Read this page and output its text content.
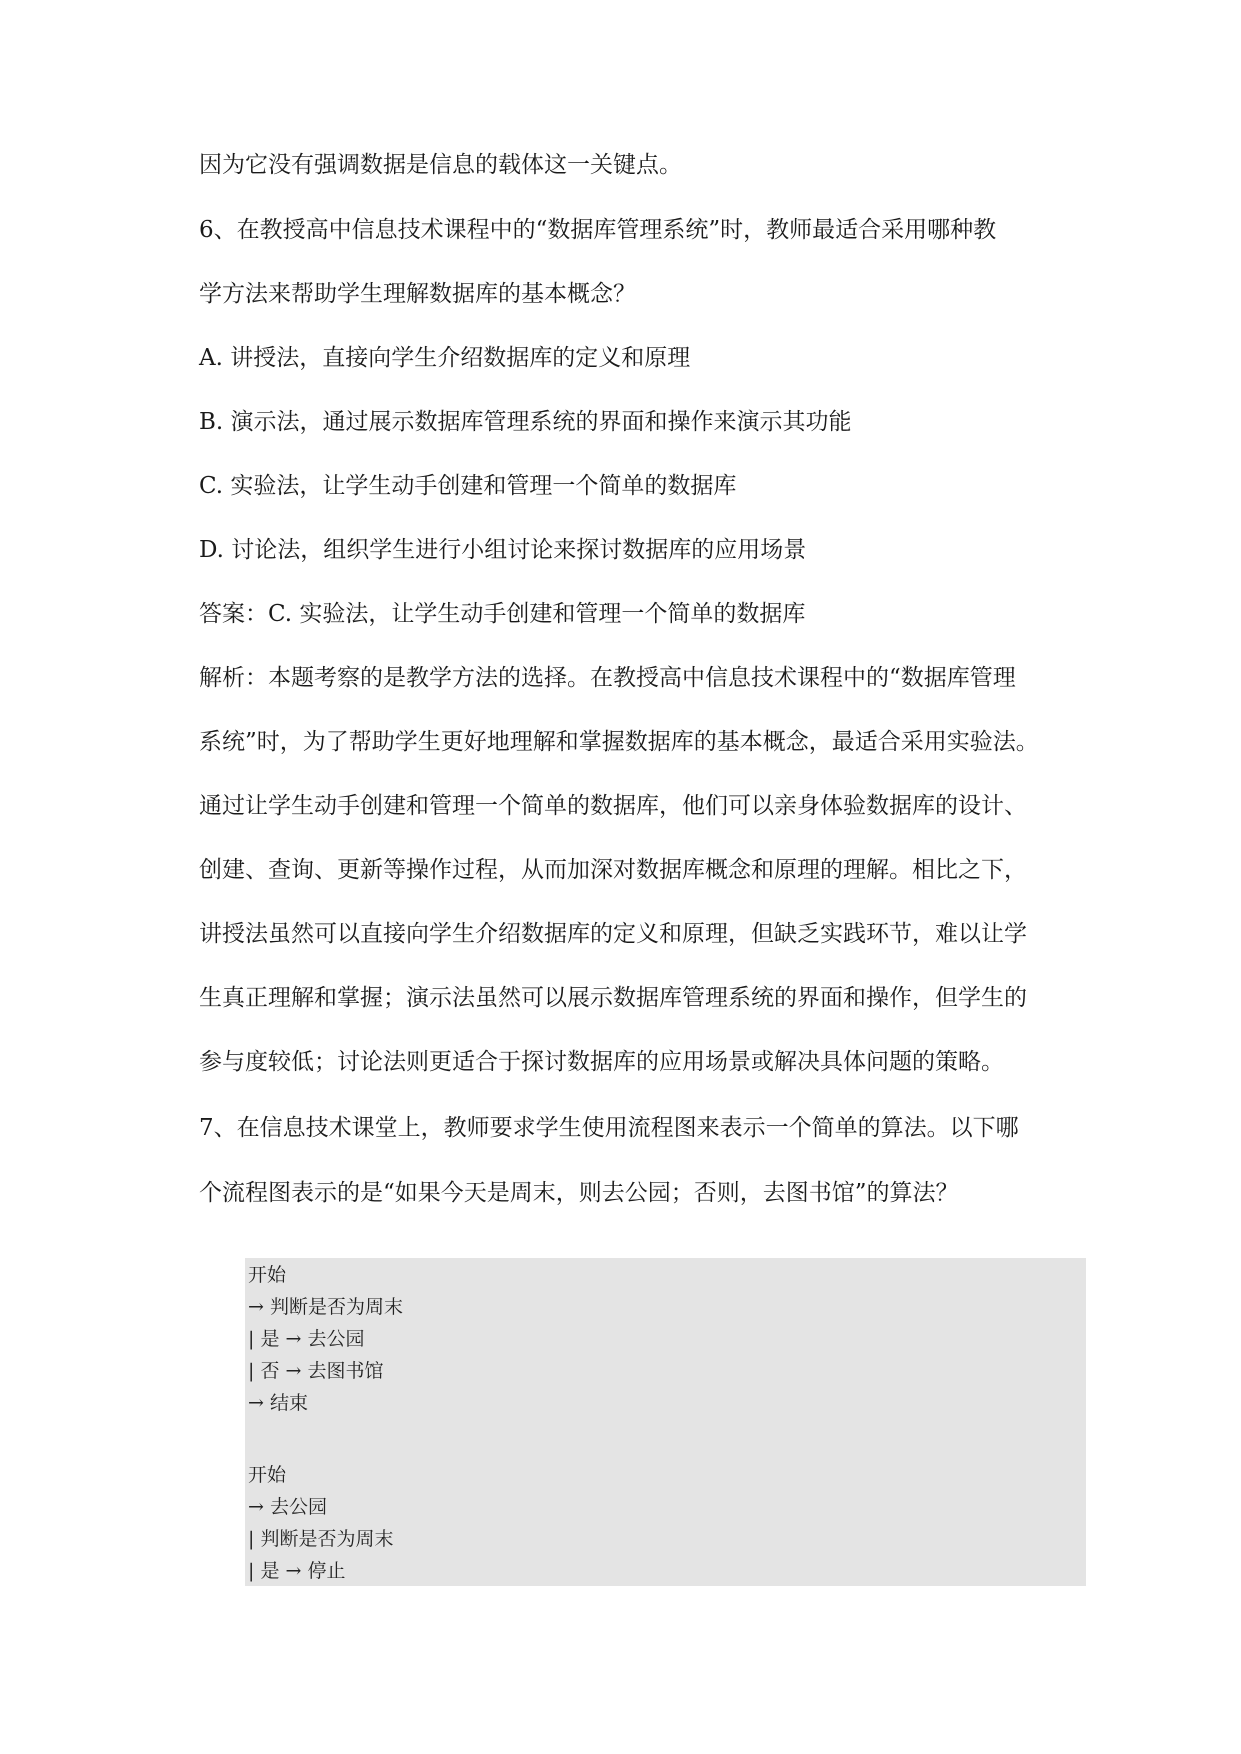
因为它没有强调数据是信息的载体这一关键点。
6、在教授高中信息技术课程中的“数据库管理系统”时，教师最适合采用哪种教
学方法来帮助学生理解数据库的基本概念？
A. 讲授法，直接向学生介绍数据库的定义和原理
B. 演示法，通过展示数据库管理系统的界面和操作来演示其功能
C. 实验法，让学生动手创建和管理一个简单的数据库
D. 讨论法，组织学生进行小组讨论来探讨数据库的应用场景
答案：C. 实验法，让学生动手创建和管理一个简单的数据库
解析：本题考察的是教学方法的选择。在教授高中信息技术课程中的“数据库管理
系统”时，为了帮助学生更好地理解和掌握数据库的基本概念，最适合采用实验法。
通过让学生动手创建和管理一个简单的数据库，他们可以亲身体验数据库的设计、
创建、查询、更新等操作过程，从而加深对数据库概念和原理的理解。相比之下，
讲授法虽然可以直接向学生介绍数据库的定义和原理，但缺乏实践环节，难以让学
生真正理解和掌握；演示法虽然可以展示数据库管理系统的界面和操作，但学生的
参与度较低；讨论法则更适合于探讨数据库的应用场景或解决具体问题的策略。
7、在信息技术课堂上，教师要求学生使用流程图来表示一个简单的算法。以下哪
个流程图表示的是“如果今天是周末，则去公园；否则，去图书馆”的算法？
开始
→ 判断是否为周末
| 是 → 去公园
| 否 → 去图书馆
→ 结束
开始
→ 去公园
| 判断是否为周末
| 是 → 停止
